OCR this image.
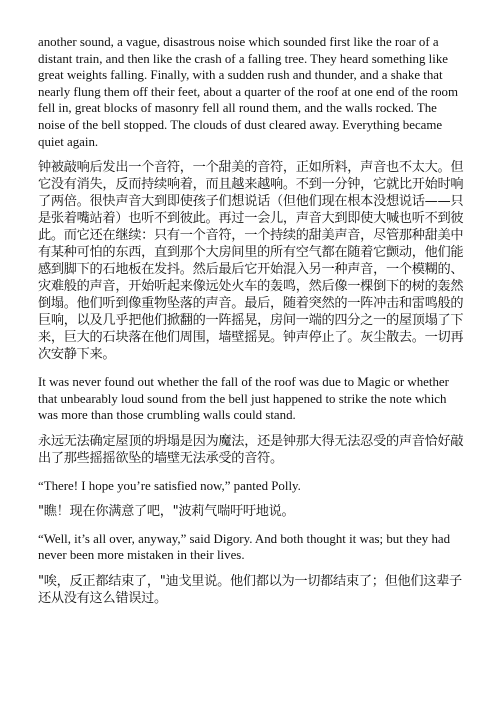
another sound, a vague, disastrous noise which sounded first like the roar of a distant train, and then like the crash of a falling tree. They heard something like great weights falling. Finally, with a sudden rush and thunder, and a shake that nearly flung them off their feet, about a quarter of the roof at one end of the room fell in, great blocks of masonry fell all round them, and the walls rocked. The noise of the bell stopped. The clouds of dust cleared away. Everything became quiet again.

钟被敲响后发出一个音符，一个甜美的音符，正如所料，声音也不太大。但它没有消失，反而持续响着，而且越来越响。不到一分钟，它就比开始时响了两倍。很快声音大到即使孩子们想说话（但他们现在根本没想说话——只是张着嘴站着）也听不到彼此。再过一会儿，声音大到即使大喊也听不到彼此。而它还在继续：只有一个音符，一个持续的甜美声音，尽管那种甜美中有某种可怕的东西，直到那个大房间里的所有空气都在随着它颤动，他们能感到脚下的石地板在发抖。然后最后它开始混入另一种声音，一个模糊的、灾难般的声音，开始听起来像远处火车的轰鸣，然后像一棵倒下的树的轰然倒塌。他们听到像重物坠落的声音。最后，随着突然的一阵冲击和雷鸣般的巨响，以及几乎把他们掀翻的一阵摇晃，房间一端的四分之一的屋顶塌了下来，巨大的石块落在他们周围，墙壁摇晃。钟声停止了。灰尘散去。一切再次安静下来。

It was never found out whether the fall of the roof was due to Magic or whether that unbearably loud sound from the bell just happened to strike the note which was more than those crumbling walls could stand.

永远无法确定屋顶的坍塌是因为魔法，还是钟那大得无法忍受的声音恰好敲出了那些摇摇欲坠的墙壁无法承受的音符。

“There! I hope you’re satisfied now,” panted Polly.

"瞧！现在你满意了吧，"波莉气喘吁吁地说。

“Well, it’s all over, anyway,” said Digory. And both thought it was; but they had never been more mistaken in their lives.

"唉，反正都结束了，"迪戈里说。他们都以为一切都结束了；但他们这辈子还从没有这么错误过。
